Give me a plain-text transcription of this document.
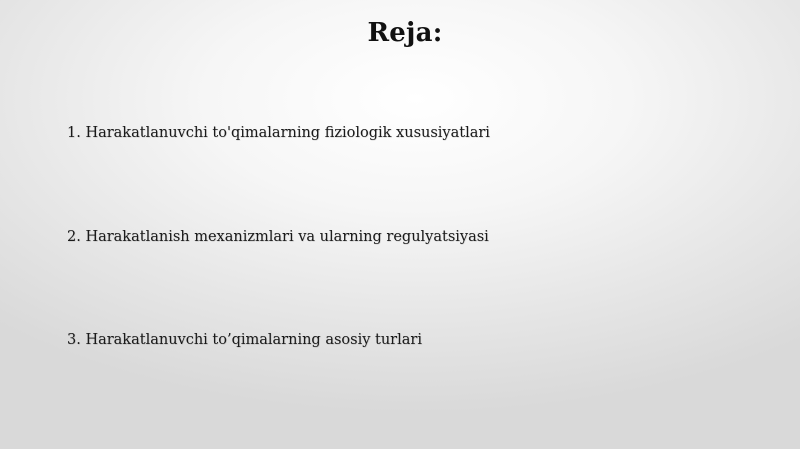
Reja:
1. Harakatlanuvchi to'qimalarning fiziologik xususiyatlari
2. Harakatlanish mexanizmlari va ularning regulyatsiyasi
3. Harakatlanuvchi to’qimalarning asosiy turlari
